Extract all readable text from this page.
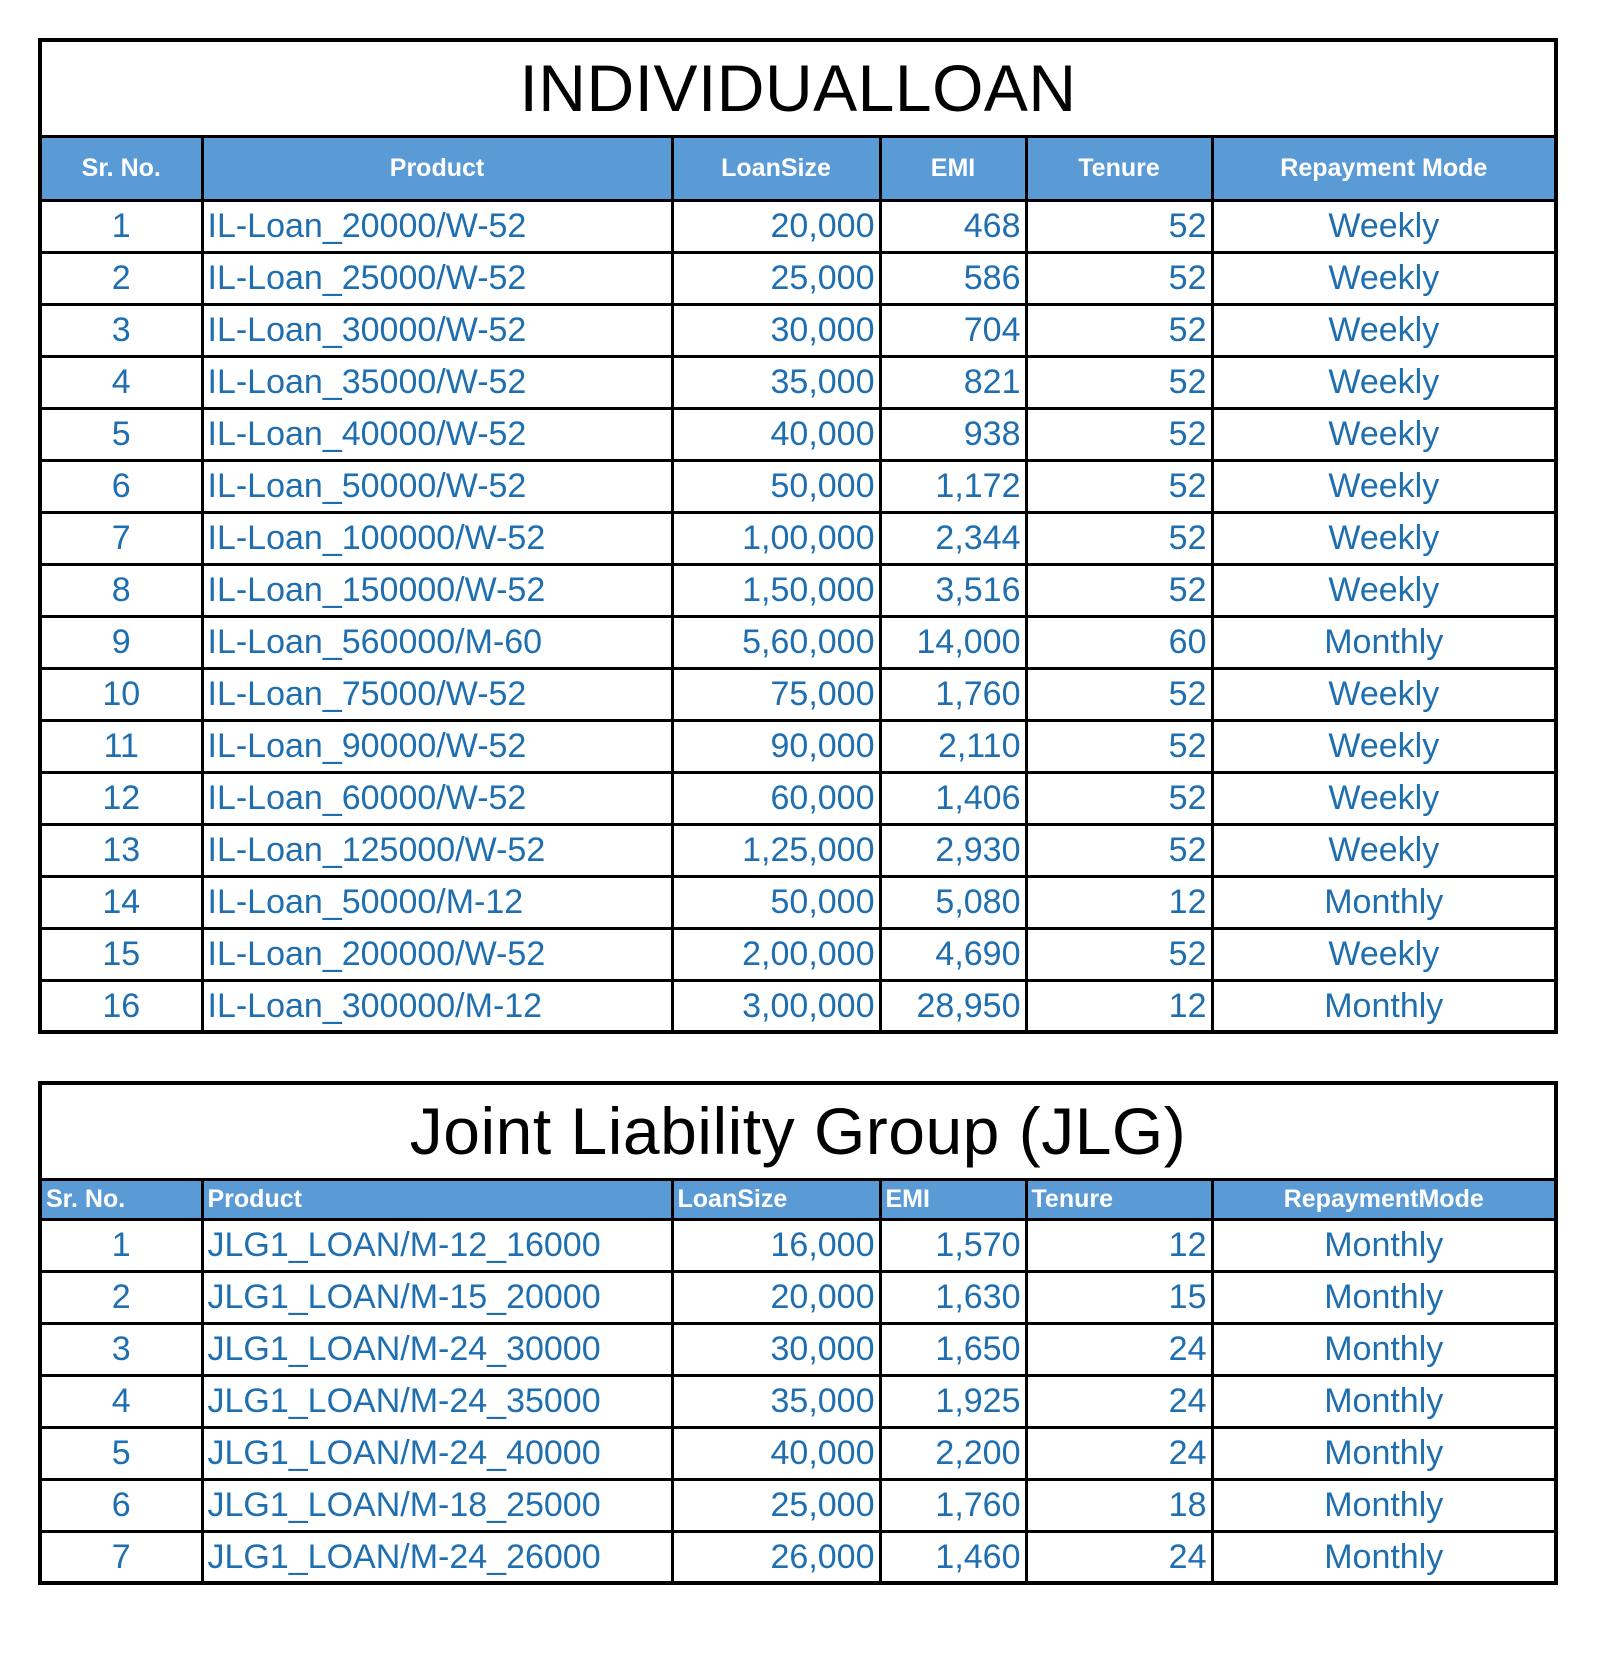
INDIVIDUALLOAN					
Sr. No.	Product	LoanSize	EMI	Tenure	Repayment Mode
1	IL-Loan_20000/W-52	20,000	468	52	Weekly
2	IL-Loan_25000/W-52	25,000	586	52	Weekly
3	IL-Loan_30000/W-52	30,000	704	52	Weekly
4	IL-Loan_35000/W-52	35,000	821	52	Weekly
5	IL-Loan_40000/W-52	40,000	938	52	Weekly
6	IL-Loan_50000/W-52	50,000	1,172	52	Weekly
7	IL-Loan_100000/W-52	1,00,000	2,344	52	Weekly
8	IL-Loan_150000/W-52	1,50,000	3,516	52	Weekly
9	IL-Loan_560000/M-60	5,60,000	14,000	60	Monthly
10	IL-Loan_75000/W-52	75,000	1,760	52	Weekly
11	IL-Loan_90000/W-52	90,000	2,110	52	Weekly
12	IL-Loan_60000/W-52	60,000	1,406	52	Weekly
13	IL-Loan_125000/W-52	1,25,000	2,930	52	Weekly
14	IL-Loan_50000/M-12	50,000	5,080	12	Monthly
15	IL-Loan_200000/W-52	2,00,000	4,690	52	Weekly
16	IL-Loan_300000/M-12	3,00,000	28,950	12	Monthly
Joint Liability Group (JLG)					
Sr. No.	Product	LoanSize	EMI	Tenure	RepaymentMode
1	JLG1_LOAN/M-12_16000	16,000	1,570	12	Monthly
2	JLG1_LOAN/M-15_20000	20,000	1,630	15	Monthly
3	JLG1_LOAN/M-24_30000	30,000	1,650	24	Monthly
4	JLG1_LOAN/M-24_35000	35,000	1,925	24	Monthly
5	JLG1_LOAN/M-24_40000	40,000	2,200	24	Monthly
6	JLG1_LOAN/M-18_25000	25,000	1,760	18	Monthly
7	JLG1_LOAN/M-24_26000	26,000	1,460	24	Monthly
